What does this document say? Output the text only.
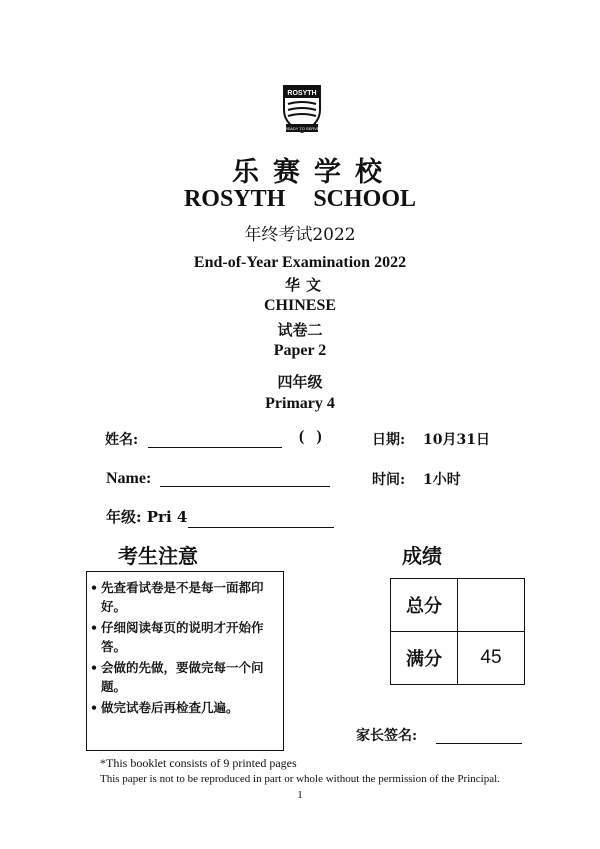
ROSYTH
READY TO SERVE
乐赛学校
ROSYTH SCHOOL
年终考试2022
End-of-Year Examination 2022
华文
CHINESE
试卷二
Paper 2
四年级
Primary 4
姓名:	( )	日期: 10月31日
Name:	时间: 1小时
年级: Pri 4
考生注意
• 先查看试卷是不是每一面都印好。
• 仔细阅读每页的说明才开始作答。
• 会做的先做，要做完每一个问题。
• 做完试卷后再检查几遍。
成绩
总分	
满分	45
家长签名:
*This booklet consists of 9 printed pages
This paper is not to be reproduced in part or whole without the permission of the Principal.
1
